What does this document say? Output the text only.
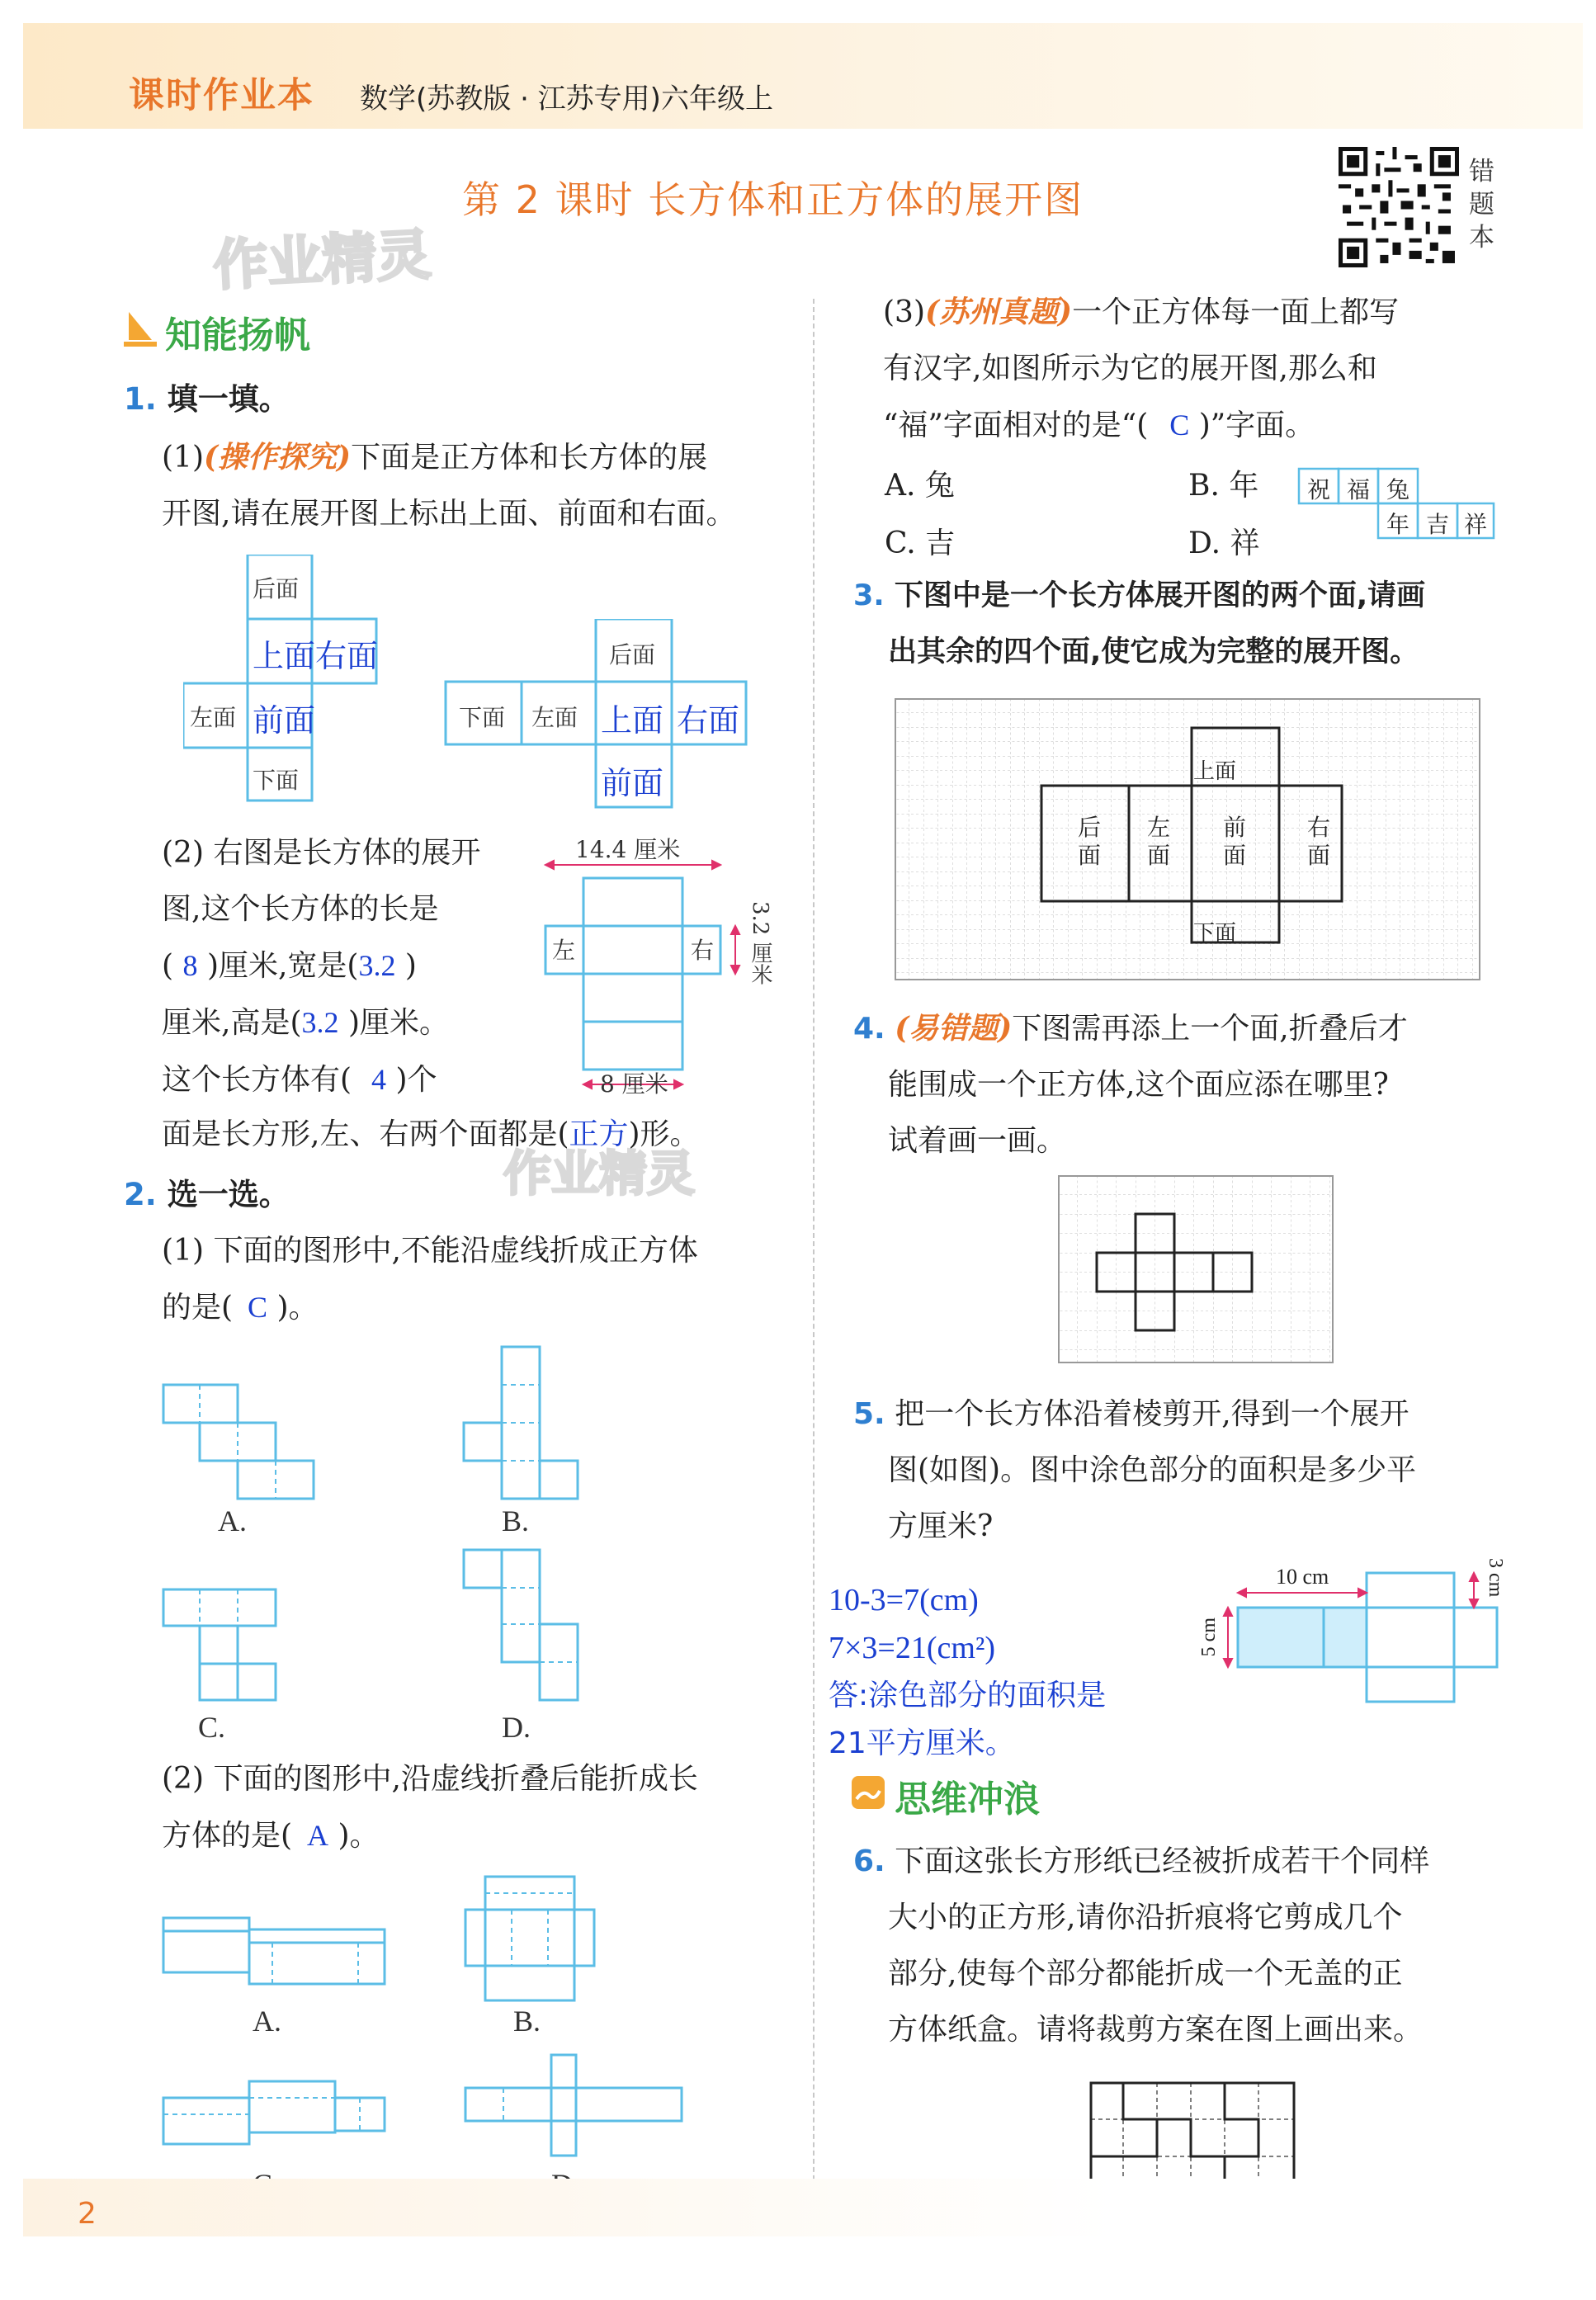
课时作业本 数学(苏教版 · 江苏专用)六年级上
第 2 课时 长方体和正方体的展开图
错题本
作业精灵
作业精灵
知能扬帆
1. 填一填。
(1)(操作探究)下面是正方体和长方体的展
开图,请在展开图上标出上面、前面和右面。
后面
上面 右面
左面 前面
下面
后面
下面 左面 上面 右面
前面
(2) 右图是长方体的展开
图,这个长方体的长是
( 8 )厘米,宽是(3.2 )
厘米,高是(3.2 )厘米。
这个长方体有( 4 )个
面是长方形,左、右两个面都是(正方)形。
14.4 厘米
3.2 厘米
8 厘米
左	右
2. 选一选。
(1) 下面的图形中,不能沿虚线折成正方体
的是( C )。
A.	B.
C.	D.
(2) 下面的图形中,沿虚线折叠后能折成长
方体的是( A )。
A.	B.
(3)(苏州真题)一个正方体每一面上都写
有汉字,如图所示为它的展开图,那么和
“福”字面相对的是“( C )”字面。
A. 兔	B. 年
C. 吉	D. 祥
祝 福 兔
年 吉 祥
3. 下图中是一个长方体展开图的两个面,请画
出其余的四个面,使它成为完整的展开图。
上面
后
面
左
面
前
面
右
面
下面
4. (易错题)下图需再添上一个面,折叠后才
能围成一个正方体,这个面应添在哪里?
试着画一画。
5. 把一个长方体沿着棱剪开,得到一个展开
图(如图)。图中涂色部分的面积是多少平
方厘米?
10-3=7(cm)
7×3=21(cm²)
答:涂色部分的面积是
21平方厘米。
10 cm	3 cm
5 cm
思维冲浪
6. 下面这张长方形纸已经被折成若干个同样
大小的正方形,请你沿折痕将它剪成几个
部分,使每个部分都能折成一个无盖的正
方体纸盒。请将裁剪方案在图上画出来。
2
